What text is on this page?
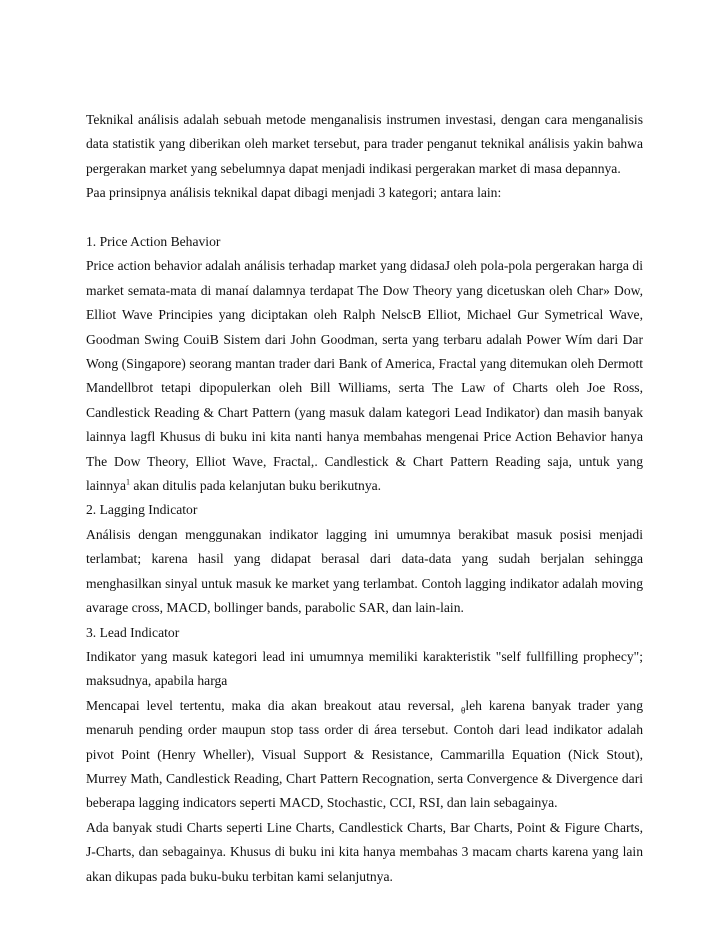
Teknikal análisis adalah sebuah metode menganalisis instrumen investasi, dengan cara menganalisis data statistik yang diberikan oleh market tersebut, para trader penganut teknikal análisis yakin bahwa pergerakan market yang sebelumnya dapat menjadi indikasi pergerakan market di masa depannya.

Paa prinsipnya análisis teknikal dapat dibagi menjadi 3 kategori; antara lain:

1. Price Action Behavior

Price action behavior adalah análisis terhadap market yang didasaJ oleh pola-pola pergerakan harga di market semata-mata di manaí dalamnya terdapat The Dow Theory yang dicetuskan oleh Char» Dow, Elliot Wave Principies yang diciptakan oleh Ralph NelscB Elliot, Michael Gur Symetrical Wave, Goodman Swing CouiB Sistem dari John Goodman, serta yang terbaru adalah Power Wím dari Dar Wong (Singapore) seorang mantan trader dari Bank of America, Fractal yang ditemukan oleh Dermott Mandellbrot tetapi dipopulerkan oleh Bill Williams, serta The Law of Charts oleh Joe Ross, Candlestick Reading & Chart Pattern (yang masuk dalam kategori Lead Indikator) dan masih banyak lainnya lagfl Khusus di buku ini kita nanti hanya membahas mengenai Price Action Behavior hanya The Dow Theory, Elliot Wave, Fractal,. Candlestick & Chart Pattern Reading saja, untuk yang lainnya$^1$ akan ditulis pada kelanjutan buku berikutnya.

2. Lagging Indicator

Análisis dengan menggunakan indikator lagging ini umumnya berakibat masuk posisi menjadi terlambat; karena hasil yang didapat berasal dari data-data yang sudah berjalan sehingga menghasilkan sinyal untuk masuk ke market yang terlambat. Contoh lagging indikator adalah moving avarage cross, MACD, bollinger bands, parabolic SAR, dan lain-lain.

3. Lead Indicator

Indikator yang masuk kategori lead ini umumnya memiliki karakteristik "self fullfilling prophecy"; maksudnya, apabila harga

Mencapai level tertentu, maka dia akan breakout atau reversal, $_\theta$leh karena banyak trader yang menaruh pending order maupun stop tass order di área tersebut. Contoh dari lead indikator adalah pivot Point (Henry Wheller), Visual Support & Resistance, Cammarilla Equation (Nick Stout), Murrey Math, Candlestick Reading, Chart Pattern Recognation, serta Convergence & Divergence dari beberapa lagging indicators seperti MACD, Stochastic, CCI, RSI, dan lain sebagainya.

Ada banyak studi Charts seperti Line Charts, Candlestick Charts, Bar Charts, Point & Figure Charts, J-Charts, dan sebagainya. Khusus di buku ini kita hanya membahas 3 macam charts karena yang lain akan dikupas pada buku-buku terbitan kami selanjutnya.
